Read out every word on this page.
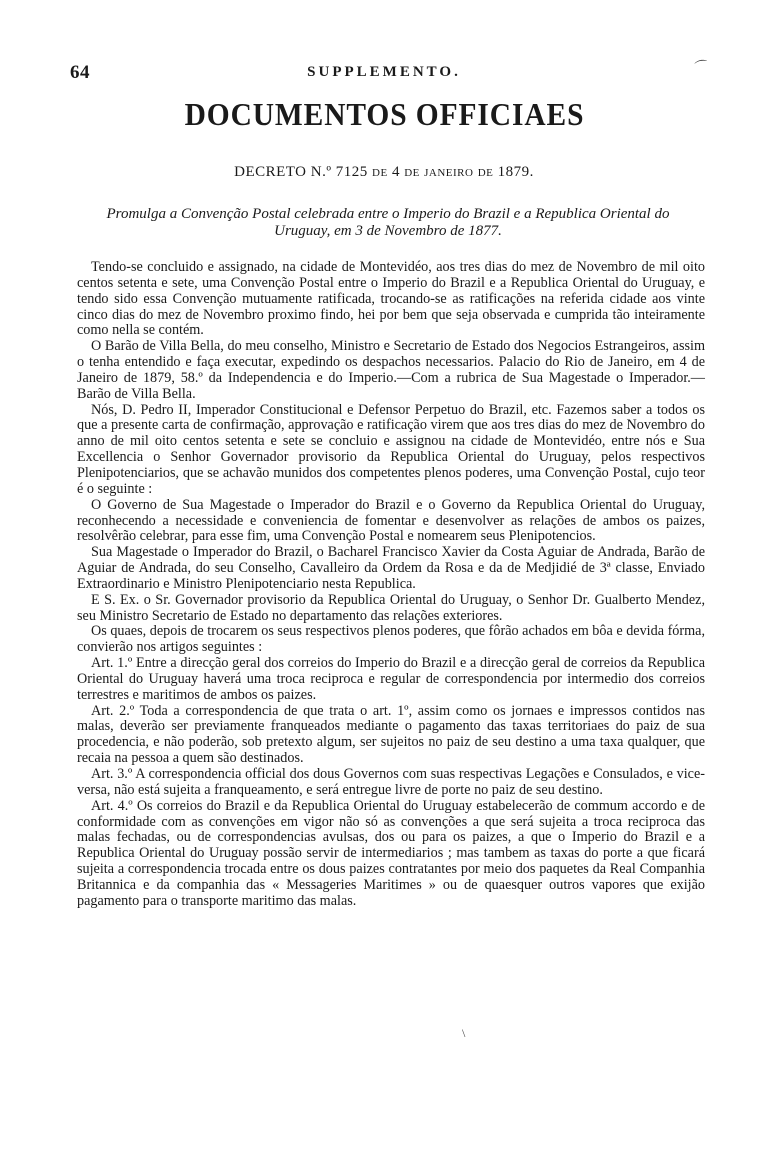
⌒
64	SUPPLEMENTO.
DOCUMENTOS OFFICIAES
DECRETO N.º 7125 DE 4 DE JANEIRO DE 1879.
Promulga a Convenção Postal celebrada entre o Imperio do Brazil e a Republica Oriental do Uruguay, em 3 de Novembro de 1877.

Tendo-se concluido e assignado, na cidade de Montevidéo, aos tres dias do mez de Novembro de mil oito centos setenta e sete, uma Convenção Postal entre o Imperio do Brazil e a Republica Oriental do Uruguay, e tendo sido essa Convenção mutuamente ratificada, trocando-se as ratificações na referida cidade aos vinte cinco dias do mez de Novembro proximo findo, hei por bem que seja observada e cumprida tão inteiramente como nella se contém.

O Barão de Villa Bella, do meu conselho, Ministro e Secretario de Estado dos Negocios Estrangeiros, assim o tenha entendido e faça executar, expedindo os despachos necessarios. Palacio do Rio de Janeiro, em 4 de Janeiro de 1879, 58.º da Independencia e do Imperio.—Com a rubrica de Sua Magestade o Imperador.—Barão de Villa Bella.

Nós, D. Pedro II, Imperador Constitucional e Defensor Perpetuo do Brazil, etc. Fazemos saber a todos os que a presente carta de confirmação, approvação e ratificação virem que aos tres dias do mez de Novembro do anno de mil oito centos setenta e sete se concluio e assignou na cidade de Montevidéo, entre nós e Sua Excellencia o Senhor Governador provisorio da Republica Oriental do Uruguay, pelos respectivos Plenipotenciarios, que se achavão munidos dos competentes plenos poderes, uma Convenção Postal, cujo teor é o seguinte :

O Governo de Sua Magestade o Imperador do Brazil e o Governo da Republica Oriental do Uruguay, reconhecendo a necessidade e conveniencia de fomentar e desenvolver as relações de ambos os paizes, resolvêrão celebrar, para esse fim, uma Convenção Postal e nomearem seus Plenipotencios.

Sua Magestade o Imperador do Brazil, o Bacharel Francisco Xavier da Costa Aguiar de Andrada, Barão de Aguiar de Andrada, do seu Conselho, Cavalleiro da Ordem da Rosa e da de Medjidié de 3ª classe, Enviado Extraordinario e Ministro Plenipotenciario nesta Republica.

E S. Ex. o Sr. Governador provisorio da Republica Oriental do Uruguay, o Senhor Dr. Gualberto Mendez, seu Ministro Secretario de Estado no departamento das relações exteriores.

Os quaes, depois de trocarem os seus respectivos plenos poderes, que fôrão achados em bôa e devida fórma, convierão nos artigos seguintes :

Art. 1.º Entre a direcção geral dos correios do Imperio do Brazil e a direcção geral de correios da Republica Oriental do Uruguay haverá uma troca reciproca e regular de correspondencia por intermedio dos correios terrestres e maritimos de ambos os paizes.

Art. 2.º Toda a correspondencia de que trata o art. 1º, assim como os jornaes e impressos contidos nas malas, deverão ser previamente franqueados mediante o pagamento das taxas territoriaes do paiz de sua procedencia, e não poderão, sob pretexto algum, ser sujeitos no paiz de seu destino a uma taxa qualquer, que recaia na pessoa a quem são destinados.

Art. 3.º A correspondencia official dos dous Governos com suas respectivas Legações e Consulados, e vice-versa, não está sujeita a franqueamento, e será entregue livre de porte no paiz de seu destino.

Art. 4.º Os correios do Brazil e da Republica Oriental do Uruguay estabelecerão de commum accordo e de conformidade com as convenções em vigor não só as convenções a que será sujeita a troca reciproca das malas fechadas, ou de correspondencias avulsas, dos ou para os paizes, a que o Imperio do Brazil e a Republica Oriental do Uruguay possão servir de intermediarios ; mas tambem as taxas do porte a que ficará sujeita a correspondencia trocada entre os dous paizes contratantes por meio dos paquetes da Real Companhia Britannica e da companhia das « Messageries Maritimes » ou de quaesquer outros vapores que exijão pagamento para o transporte maritimo das malas.

\
